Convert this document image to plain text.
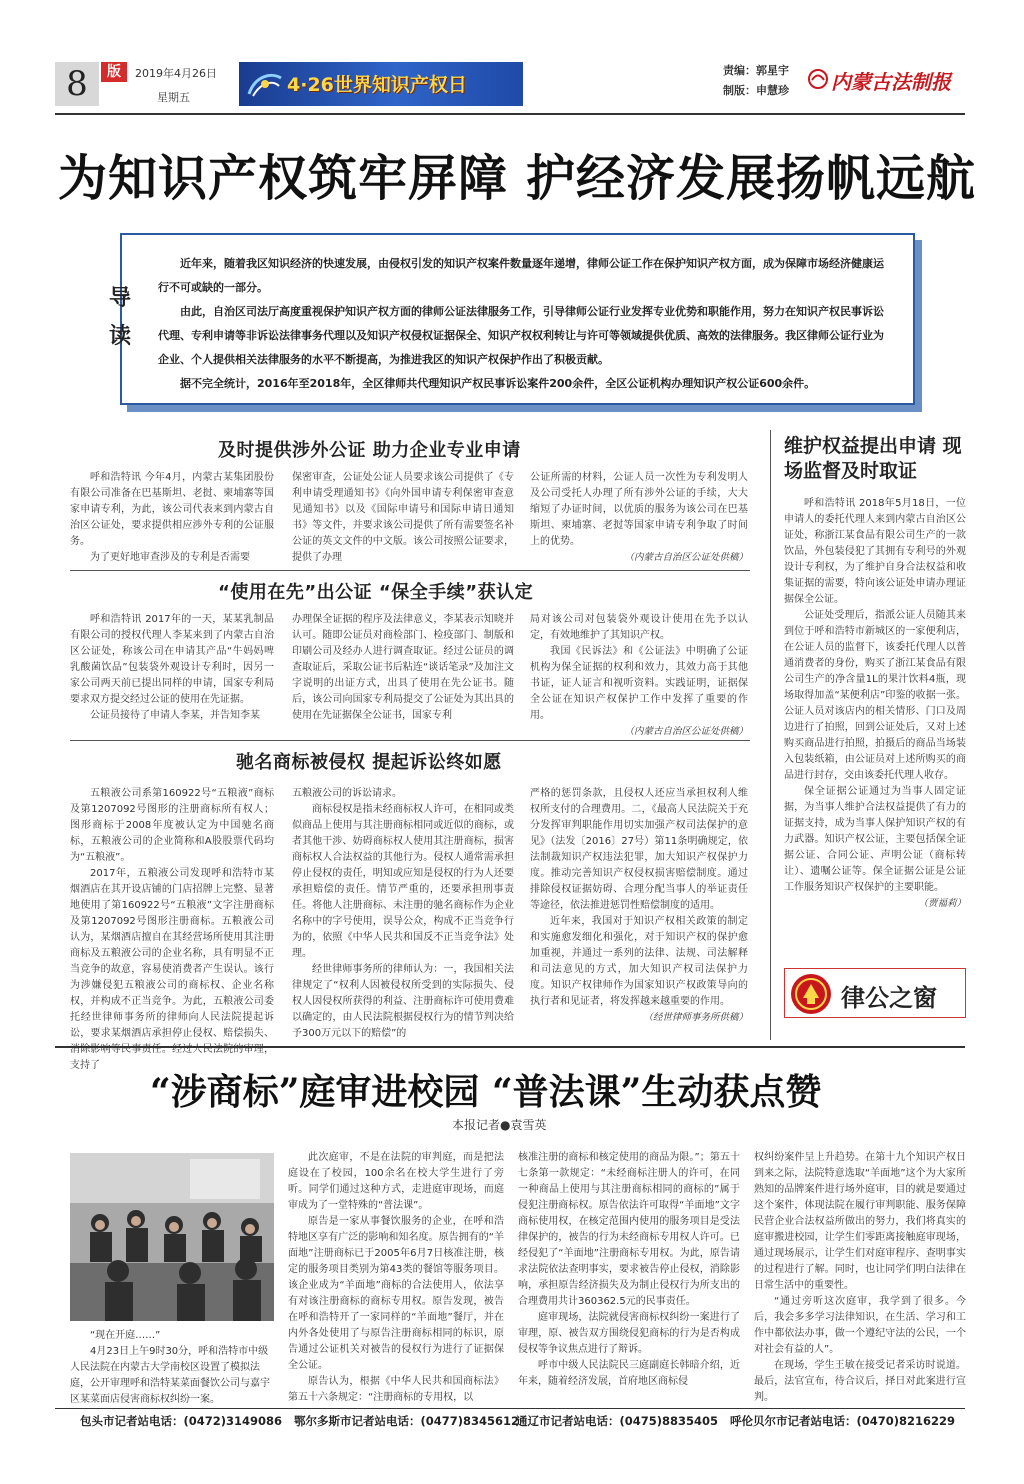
8	版	2019年4月26日
星期五
4·26世界知识产权日
责编：郭星宇
制版：申慧珍 内蒙古法制报
为知识产权筑牢屏障 护经济发展扬帆远航
导
读

近年来，随着我区知识经济的快速发展，由侵权引发的知识产权案件数量逐年递增，律师公证工作在保护知识产权方面，成为保障市场经济健康运行不可或缺的一部分。

由此，自治区司法厅高度重视保护知识产权方面的律师公证法律服务工作，引导律师公证行业发挥专业优势和职能作用，努力在知识产权民事诉讼代理、专利申请等非诉讼法律事务代理以及知识产权侵权证据保全、知识产权权利转让与许可等领域提供优质、高效的法律服务。我区律师公证行业为企业、个人提供相关法律服务的水平不断提高，为推进我区的知识产权保护作出了积极贡献。

据不完全统计，2016年至2018年，全区律师共代理知识产权民事诉讼案件200余件，全区公证机构办理知识产权公证600余件。

及时提供涉外公证 助力企业专业申请

呼和浩特讯 今年4月，内蒙古某集团股份有限公司准备在巴基斯坦、老挝、柬埔寨等国家申请专利，为此，该公司代表来到内蒙古自治区公证处，要求提供相应涉外专利的公证服务。

为了更好地审查涉及的专利是否需要

保密审查，公证处公证人员要求该公司提供了《专利申请受理通知书》《向外国申请专利保密审查意见通知书》以及《国际申请号和国际申请日通知书》等文件，并要求该公司提供了所有需要签名补公证的英文文件的中文版。该公司按照公证要求，提供了办理

公证所需的材料，公证人员一次性为专利发明人及公司受托人办理了所有涉外公证的手续，大大缩短了办证时间，以优质的服务为该公司在巴基斯坦、柬埔寨、老挝等国家申请专利争取了时间上的优势。

（内蒙古自治区公证处供稿）
“使用在先”出公证 “保全手续”获认定

呼和浩特讯 2017年的一天，某某乳制品有限公司的授权代理人李某来到了内蒙古自治区公证处，称该公司在申请其产品“牛妈妈啤乳酸菌饮品”包装袋外观设计专利时，因另一家公司两天前已提出同样的申请，国家专利局要求双方提交经过公证的使用在先证据。

公证员接待了申请人李某，并告知李某

办理保全证据的程序及法律意义，李某表示知晓并认可。随即公证员对商检部门、检疫部门、制版和印刷公司及经办人进行调查取证。经过公证员的调查取证后，采取公证书后粘连“谈话笔录”及加注文字说明的出证方式，出具了使用在先公证书。随后，该公司向国家专利局提交了公证处为其出具的使用在先证据保全公证书，国家专利

局对该公司对包装袋外观设计使用在先予以认定，有效地维护了其知识产权。

我国《民诉法》和《公证法》中明确了公证机构为保全证据的权利和效力，其效力高于其他书证，证人证言和视听资料。实践证明，证据保全公证在知识产权保护工作中发挥了重要的作用。

（内蒙古自治区公证处供稿）
驰名商标被侵权 提起诉讼终如愿

五粮液公司系第160922号“五粮液”商标及第1207092号图形的注册商标所有权人；图形商标于2008年度被认定为中国驰名商标，五粮液公司的企业简称和A股股票代码均为“五粮液”。

2017年，五粮液公司发现呼和浩特市某烟酒店在其开设店铺的门店招牌上完整、显著地使用了第160922号“五粮液”文字注册商标及第1207092号图形注册商标。五粮液公司认为，某烟酒店擅自在其经营场所使用其注册商标及五粮液公司的企业名称，具有明显不正当竞争的故意，容易使消费者产生误认。该行为涉嫌侵犯五粮液公司的商标权、企业名称权，并构成不正当竞争。为此，五粮液公司委托经世律师事务所的律师向人民法院提起诉讼，要求某烟酒店承担停止侵权、赔偿损失、消除影响等民事责任。经过人民法院的审理，支持了

五粮液公司的诉讼请求。

商标侵权是指未经商标权人许可，在相同或类似商品上使用与其注册商标相同或近似的商标，或者其他干涉、妨碍商标权人使用其注册商标，损害商标权人合法权益的其他行为。侵权人通常需承担停止侵权的责任，明知或应知是侵权的行为人还要承担赔偿的责任。情节严重的，还要承担刑事责任。将他人注册商标、未注册的驰名商标作为企业名称中的字号使用，误导公众，构成不正当竞争行为的，依照《中华人民共和国反不正当竞争法》处理。

经世律师事务所的律师认为：一，我国相关法律规定了“权利人因被侵权所受到的实际损失、侵权人因侵权所获得的利益、注册商标许可使用费难以确定的，由人民法院根据侵权行为的情节判决给予300万元以下的赔偿”的

严格的惩罚条款，且侵权人还应当承担权利人维权所支付的合理费用。二，《最高人民法院关于充分发挥审判职能作用切实加强产权司法保护的意见》（法发〔2016〕27号）第11条明确规定，依法制裁知识产权违法犯罪，加大知识产权保护力度。推动完善知识产权侵权损害赔偿制度。通过排除侵权证据妨碍、合理分配当事人的举证责任等途径，依法推进惩罚性赔偿制度的适用。

近年来，我国对于知识产权相关政策的制定和实施愈发细化和强化，对于知识产权的保护愈加重视，并通过一系列的法律、法规、司法解释和司法意见的方式，加大知识产权司法保护力度。知识产权律师作为国家知识产权政策导向的执行者和见证者，将发挥越来越重要的作用。

（经世律师事务所供稿）
维护权益提出申请 现场监督及时取证

呼和浩特讯 2018年5月18日，一位申请人的委托代理人来到内蒙古自治区公证处，称浙江某食品有限公司生产的一款饮品，外包装侵犯了其拥有专利号的外观设计专利权，为了维护自身合法权益和收集证据的需要，特向该公证处申请办理证据保全公证。

公证处受理后，指派公证人员随其来到位于呼和浩特市新城区的一家便利店，在公证人员的监督下，该委托代理人以普通消费者的身份，购买了浙江某食品有限公司生产的净含量1L的果汁饮料4瓶，现场取得加盖“某便利店”印鉴的收据一张。公证人员对该店内的相关情形、门口及周边进行了拍照，回到公证处后，又对上述购买商品进行拍照，拍摄后的商品当场装入包装纸箱，由公证员对上述所购买的商品进行封存，交由该委托代理人收存。

保全证据公证通过为当事人固定证据，为当事人维护合法权益提供了有力的证据支持，成为当事人保护知识产权的有力武器。知识产权公证，主要包括保全证据公证、合同公证、声明公证（商标转让）、遗嘱公证等。保全证据公证是公证工作服务知识产权保护的主要职能。

（贾福莉）
律公之窗
“涉商标”庭审进校园 “普法课”生动获点赞
本报记者●袁雪英

“现在开庭……”

4月23日上午9时30分，呼和浩特市中级人民法院在内蒙古大学南校区设置了模拟法庭，公开审理呼和浩特某菜面餐饮公司与嘉宇区某菜面店侵害商标权纠纷一案。

此次庭审，不是在法院的审判庭，而是把法庭设在了校园，100余名在校大学生进行了旁听。同学们通过这种方式，走进庭审现场，而庭审成为了一堂特殊的“普法课”。

原告是一家从事餐饮服务的企业，在呼和浩特地区享有广泛的影响和知名度。原告拥有的“羊面地”注册商标已于2005年6月7日核准注册，核定的服务项目类别为第43类的餐馆等服务项目。该企业成为“羊面地”商标的合法使用人，依法享有对该注册商标的商标专用权。原告发现，被告在呼和浩特开了一家同样的“羊面地”餐厅，并在内外各处使用了与原告注册商标相同的标识，原告通过公证机关对被告的侵权行为进行了证据保全公证。

原告认为，根据《中华人民共和国商标法》第五十六条规定：“注册商标的专用权，以

核准注册的商标和核定使用的商品为限。”；第五十七条第一款规定：“未经商标注册人的许可，在同一种商品上使用与其注册商标相同的商标的”属于侵犯注册商标权。原告依法许可取得“羊面地”文字商标使用权，在核定范围内使用的服务项目是受法律保护的，被告的行为未经商标专用权人许可。已经侵犯了“羊面地”注册商标专用权。为此，原告请求法院依法查明事实，要求被告停止侵权，消除影响，承担原告经济损失及为制止侵权行为所支出的合理费用共计360362.5元的民事责任。

庭审现场，法院就侵害商标权纠纷一案进行了审理，原、被告双方围绕侵犯商标的行为是否构成侵权等争议焦点进行了辩诉。

呼市中级人民法院民三庭副庭长韩暗介绍，近年来，随着经济发展，首府地区商标侵

权纠纷案件呈上升趋势。在第十九个知识产权日到来之际，法院特意选取“羊面地”这个为大家所熟知的品牌案件进行场外庭审，目的就是要通过这个案件，体现法院在履行审判职能、服务保障民营企业合法权益所做出的努力，我们将真实的庭审搬进校园，让学生们零距离接触庭审现场，通过现场展示，让学生们对庭审程序、查明事实的过程进行了解。同时，也让同学们明白法律在日常生活中的重要性。

“通过旁听这次庭审，我学到了很多。今后，我会多多学习法律知识，在生活、学习和工作中都依法办事，做一个遵纪守法的公民，一个对社会有益的人”。

在现场，学生王敏在接受记者采访时说道。最后，法官宣布，待合议后，择日对此案进行宣判。

包头市记者站电话：(0472)3149086 鄂尔多斯市记者站电话：(0477)8345612
通辽市记者站电话：(0475)8835405 呼伦贝尔市记者站电话：(0470)8216229
